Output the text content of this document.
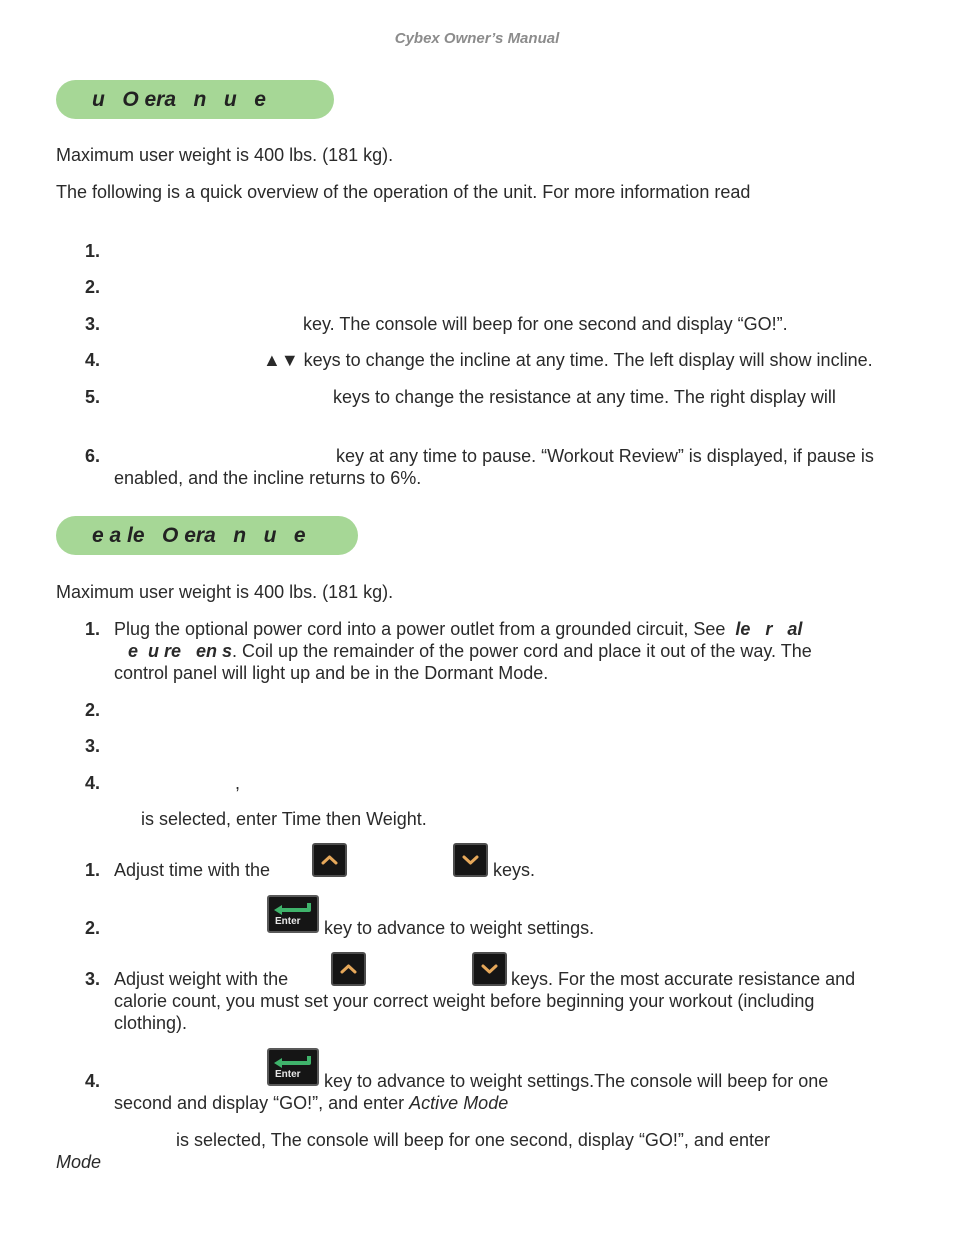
Cybex Owner’s Manual
u   O era   n   u   e
Maximum user weight is 400 lbs. (181 kg).
The following is a quick overview of the operation of the unit. For more information read
1.
2.
3.	key. The console will beep for one second and display “GO!”.
4.	▲▼ keys to change the incline at any time. The left display will show incline.
5.	keys to change the resistance at any time. The right display will
6.	key at any time to pause. “Workout Review” is displayed, if pause is
enabled, and the incline returns to 6%.
e a le   O era   n   u   e
Maximum user weight is 400 lbs. (181 kg).
1. Plug the optional power cord into a power outlet from a grounded circuit, See  le   r   al
e  u re   en s. Coil up the remainder of the power cord and place it out of the way. The
control panel will light up and be in the Dormant Mode.
2.
3.
4.	,
is selected, enter Time then Weight.
1. Adjust time with the	keys.
2.	Enter key to advance to weight settings.
3. Adjust weight with the	keys. For the most accurate resistance and
calorie count, you must set your correct weight before beginning your workout (including
clothing).
4.	Enter key to advance to weight settings.The console will beep for one
second and display “GO!”, and enter Active Mode
is selected, The console will beep for one second, display “GO!”, and enter
Mode
